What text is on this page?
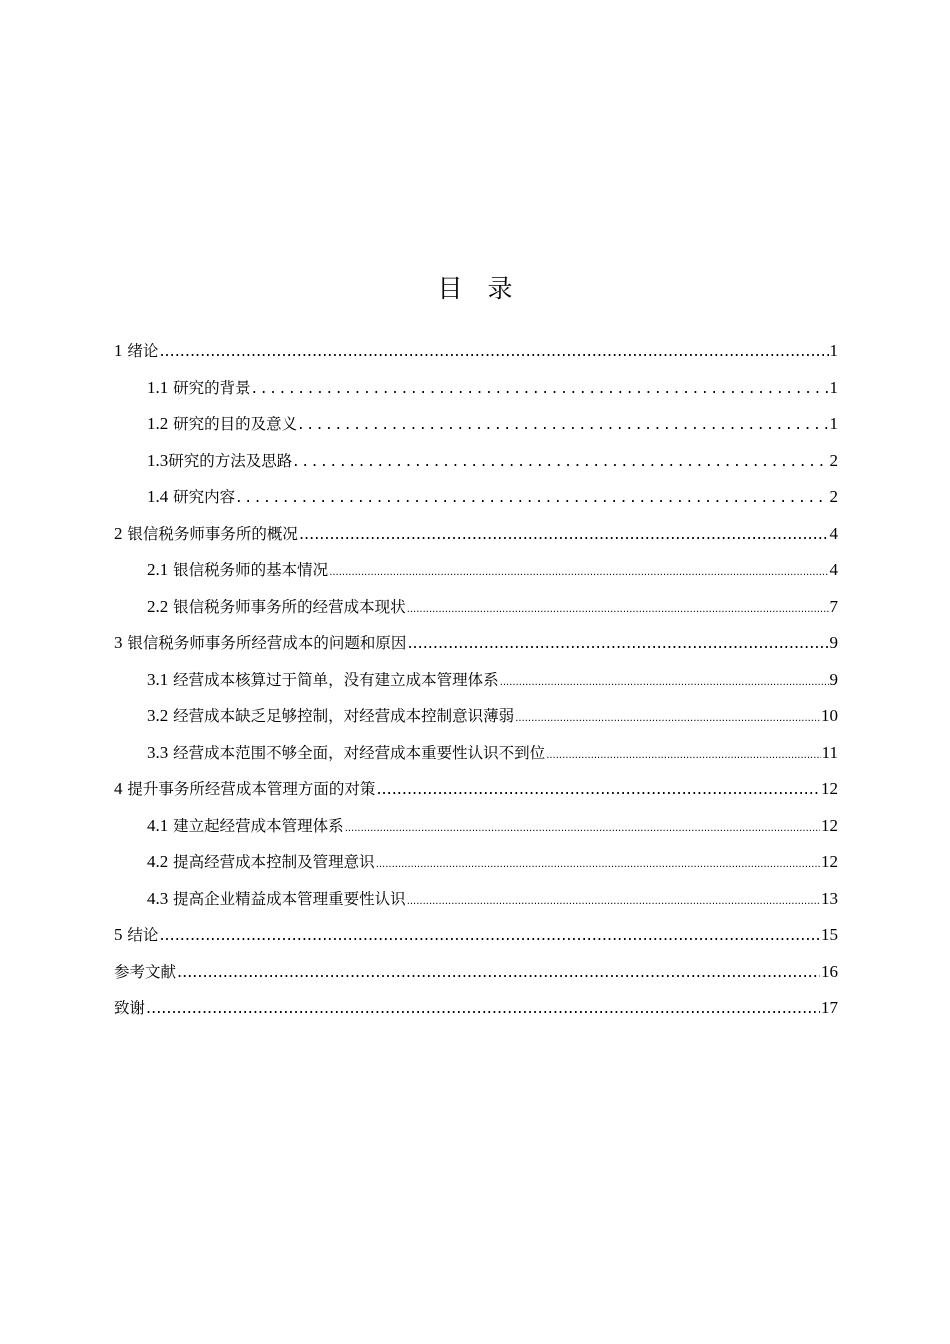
目　录
1 绪论 .....	1
1.1 研究的背景 .....	1
1.2 研究的目的及意义 .....	1
1.3研究的方法及思路 .....	2
1.4 研究内容 .....	2
2 银信税务师事务所的概况 .....	4
2.1 银信税务师的基本情况 .....	4
2.2 银信税务师事务所的经营成本现状 .....	7
3 银信税务师事务所经营成本的问题和原因 .....	9
3.1 经营成本核算过于简单，没有建立成本管理体系 .....	9
3.2 经营成本缺乏足够控制，对经营成本控制意识薄弱 .....	10
3.3 经营成本范围不够全面，对经营成本重要性认识不到位 .....	11
4 提升事务所经营成本管理方面的对策 .....	12
4.1 建立起经营成本管理体系 .....	12
4.2 提高经营成本控制及管理意识 .....	12
4.3 提高企业精益成本管理重要性认识 .....	13
5 结论 .....	15
参考文献 .....	16
致谢 .....	17
